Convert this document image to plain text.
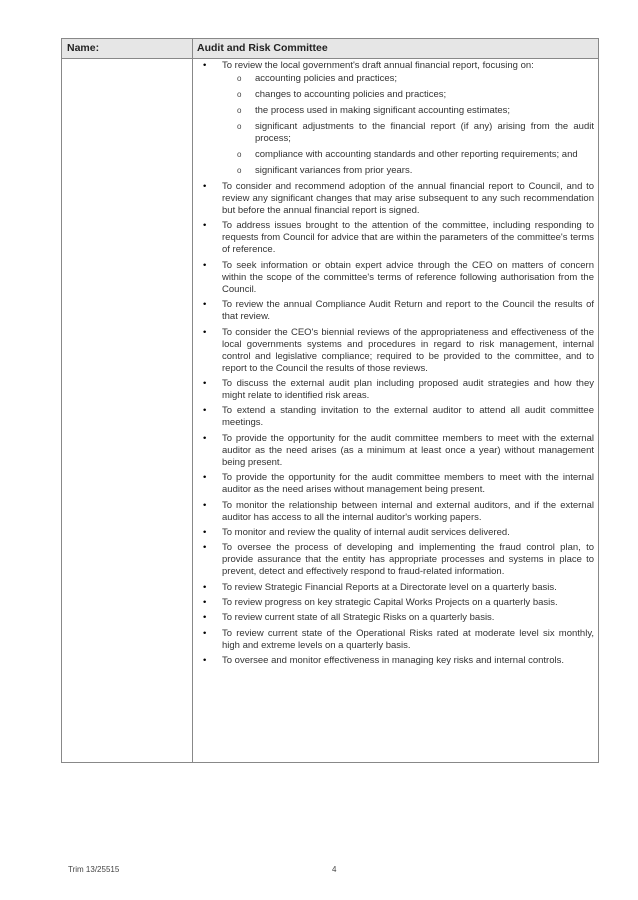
Name:	Audit and Risk Committee
• To review the local government's draft annual financial report, focusing on:
o accounting policies and practices;
o changes to accounting policies and practices;
o the process used in making significant accounting estimates;
o significant adjustments to the financial report (if any) arising from the audit process;
o compliance with accounting standards and other reporting requirements; and
o significant variances from prior years.
• To consider and recommend adoption of the annual financial report to Council, and to review any significant changes that may arise subsequent to any such recommendation but before the annual financial report is signed.
• To address issues brought to the attention of the committee, including responding to requests from Council for advice that are within the parameters of the committee's terms of reference.
• To seek information or obtain expert advice through the CEO on matters of concern within the scope of the committee's terms of reference following authorisation from the Council.
• To review the annual Compliance Audit Return and report to the Council the results of that review.
• To consider the CEO's biennial reviews of the appropriateness and effectiveness of the local governments systems and procedures in regard to risk management, internal control and legislative compliance; required to be provided to the committee, and to report to the Council the results of those reviews.
• To discuss the external audit plan including proposed audit strategies and how they might relate to identified risk areas.
• To extend a standing invitation to the external auditor to attend all audit committee meetings.
• To provide the opportunity for the audit committee members to meet with the external auditor as the need arises (as a minimum at least once a year) without management being present.
• To provide the opportunity for the audit committee members to meet with the internal auditor as the need arises without management being present.
• To monitor the relationship between internal and external auditors, and if the external auditor has access to all the internal auditor's working papers.
• To monitor and review the quality of internal audit services delivered.
• To oversee the process of developing and implementing the fraud control plan, to provide assurance that the entity has appropriate processes and systems in place to prevent, detect and effectively respond to fraud-related information.
• To review Strategic Financial Reports at a Directorate level on a quarterly basis.
• To review progress on key strategic Capital Works Projects on a quarterly basis.
• To review current state of all Strategic Risks on a quarterly basis.
• To review current state of the Operational Risks rated at moderate level six monthly, high and extreme levels on a quarterly basis.
• To oversee and monitor effectiveness in managing key risks and internal controls.
Trim 13/25515	4
